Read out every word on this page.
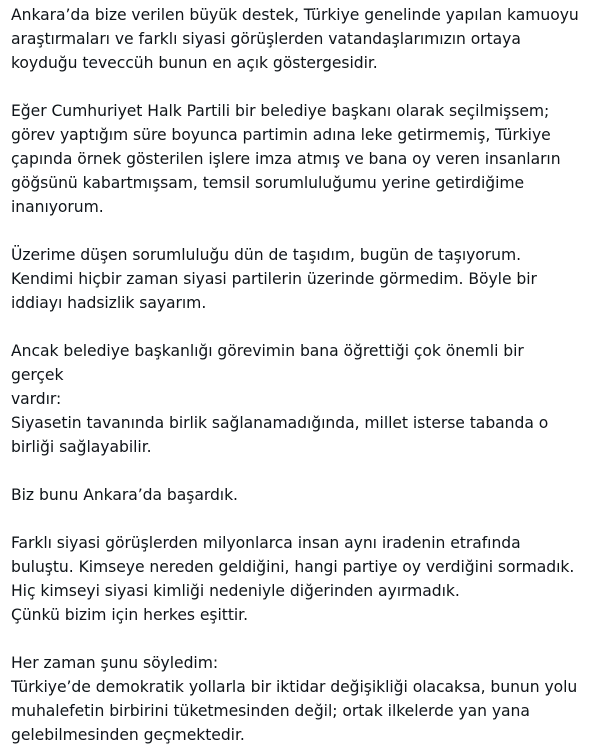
Ankara’da bize verilen büyük destek, Türkiye genelinde yapılan kamuoyu
araştırmaları ve farklı siyasi görüşlerden vatandaşlarımızın ortaya
koyduğu teveccüh bunun en açık göstergesidir.

Eğer Cumhuriyet Halk Partili bir belediye başkanı olarak seçilmişsem;
görev yaptığım süre boyunca partimin adına leke getirmemiş, Türkiye
çapında örnek gösterilen işlere imza atmış ve bana oy veren insanların
göğsünü kabartmışsam, temsil sorumluluğumu yerine getirdiğime
inanıyorum.

Üzerime düşen sorumluluğu dün de taşıdım, bugün de taşıyorum.
Kendimi hiçbir zaman siyasi partilerin üzerinde görmedim. Böyle bir
iddiayı hadsizlik sayarım.

Ancak belediye başkanlığı görevimin bana öğrettiği çok önemli bir gerçek
vardır:
Siyasetin tavanında birlik sağlanamadığında, millet isterse tabanda o
birliği sağlayabilir.

Biz bunu Ankara’da başardık.

Farklı siyasi görüşlerden milyonlarca insan aynı iradenin etrafında
buluştu. Kimseye nereden geldiğini, hangi partiye oy verdiğini sormadık.
Hiç kimseyi siyasi kimliği nedeniyle diğerinden ayırmadık.
Çünkü bizim için herkes eşittir.

Her zaman şunu söyledim:
Türkiye’de demokratik yollarla bir iktidar değişikliği olacaksa, bunun yolu
muhalefetin birbirini tüketmesinden değil; ortak ilkelerde yan yana
gelebilmesinden geçmektedir.
